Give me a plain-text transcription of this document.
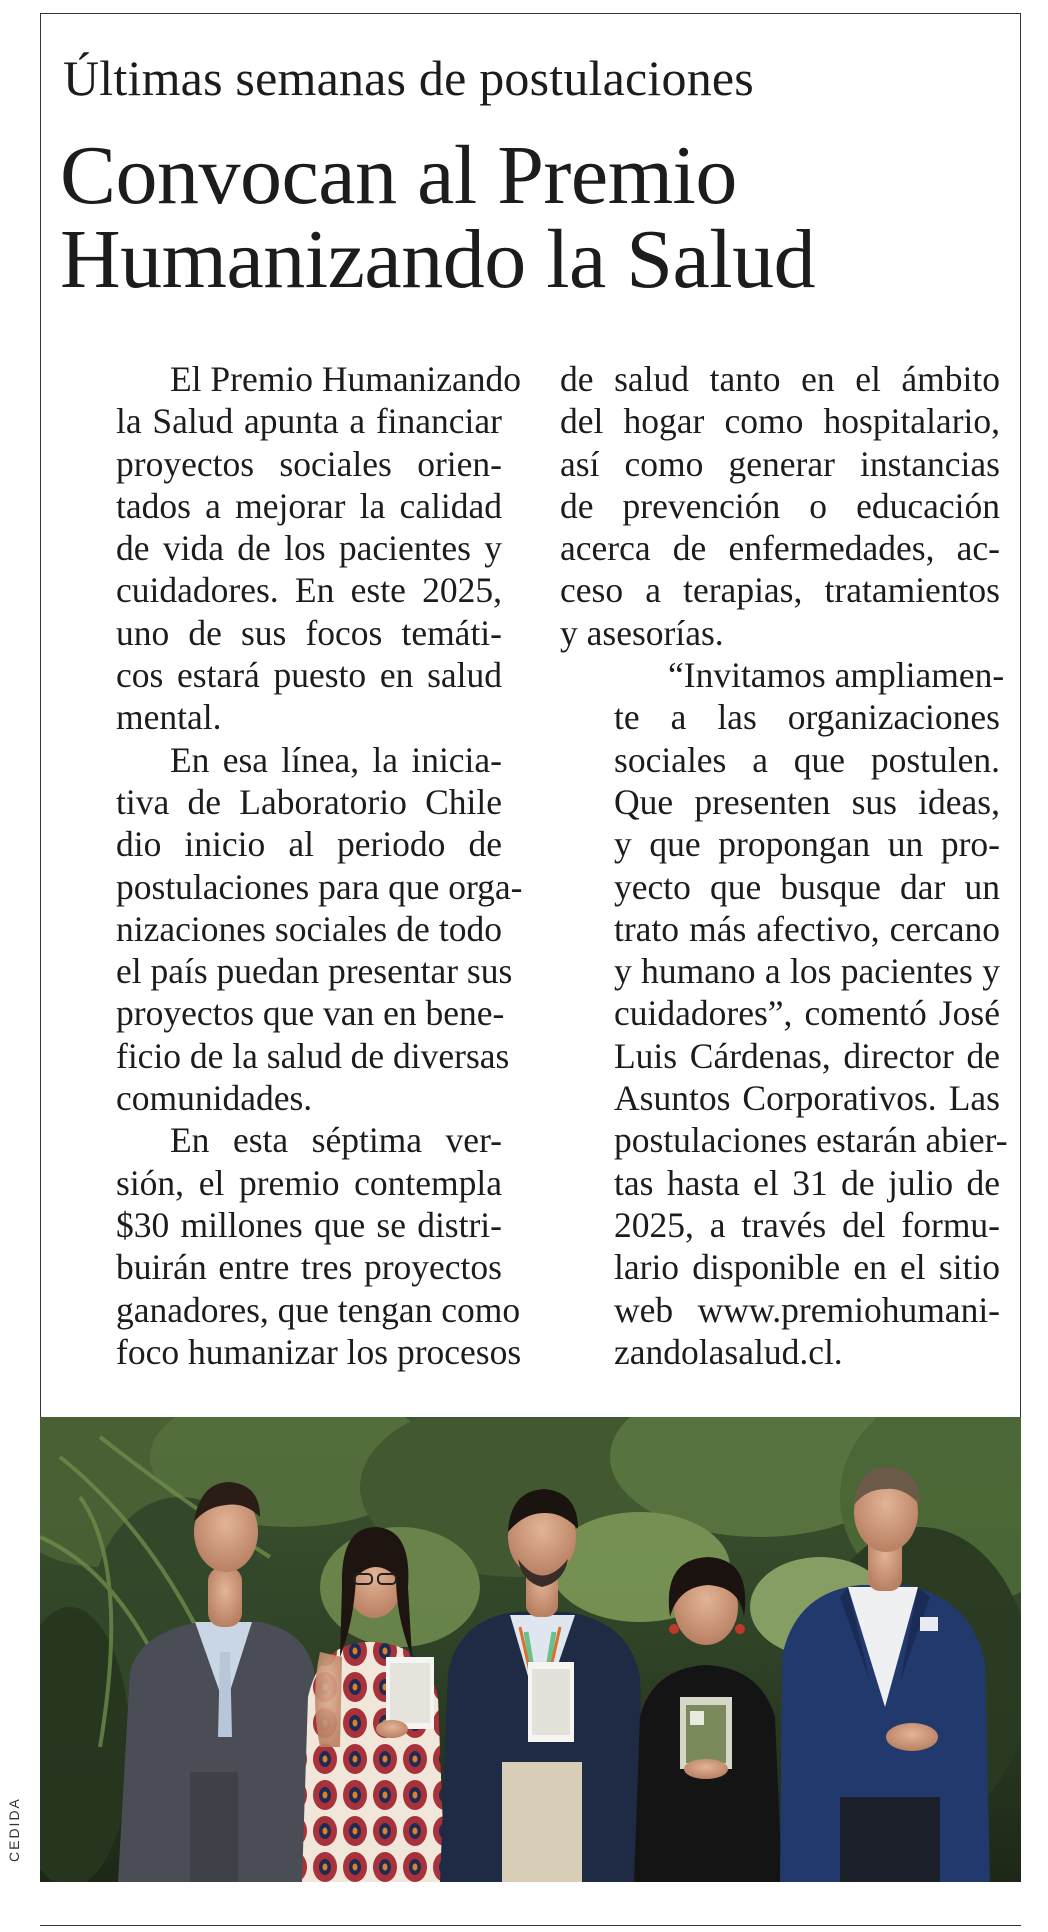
Últimas semanas de postulaciones
Convocan al Premio
Humanizando la Salud

El Premio Humanizando
la Salud apunta a financiar
proyectos sociales orien-
tados a mejorar la calidad
de vida de los pacientes y
cuidadores. En este 2025,
uno de sus focos temáti-
cos estará puesto en salud
mental.

En esa línea, la inicia-
tiva de Laboratorio Chile
dio inicio al periodo de
postulaciones para que orga-
nizaciones sociales de todo
el país puedan presentar sus
proyectos que van en bene-
ficio de la salud de diversas
comunidades.

En esta séptima ver-
sión, el premio contempla
$30 millones que se distri-
buirán entre tres proyectos
ganadores, que tengan como
foco humanizar los procesos

de salud tanto en el ámbito
del hogar como hospitalario,
así como generar instancias
de prevención o educación
acerca de enfermedades, ac-
ceso a terapias, tratamientos
y asesorías.

“Invitamos ampliamen-
te a las organizaciones
sociales a que postulen.
Que presenten sus ideas,
y que propongan un pro-
yecto que busque dar un
trato más afectivo, cercano
y humano a los pacientes y
cuidadores”, comentó José
Luis Cárdenas, director de
Asuntos Corporativos. Las
postulaciones estarán abier-
tas hasta el 31 de julio de
2025, a través del formu-
lario disponible en el sitio
web www.premiohumani-
zandolasalud.cl.

CEDIDA
